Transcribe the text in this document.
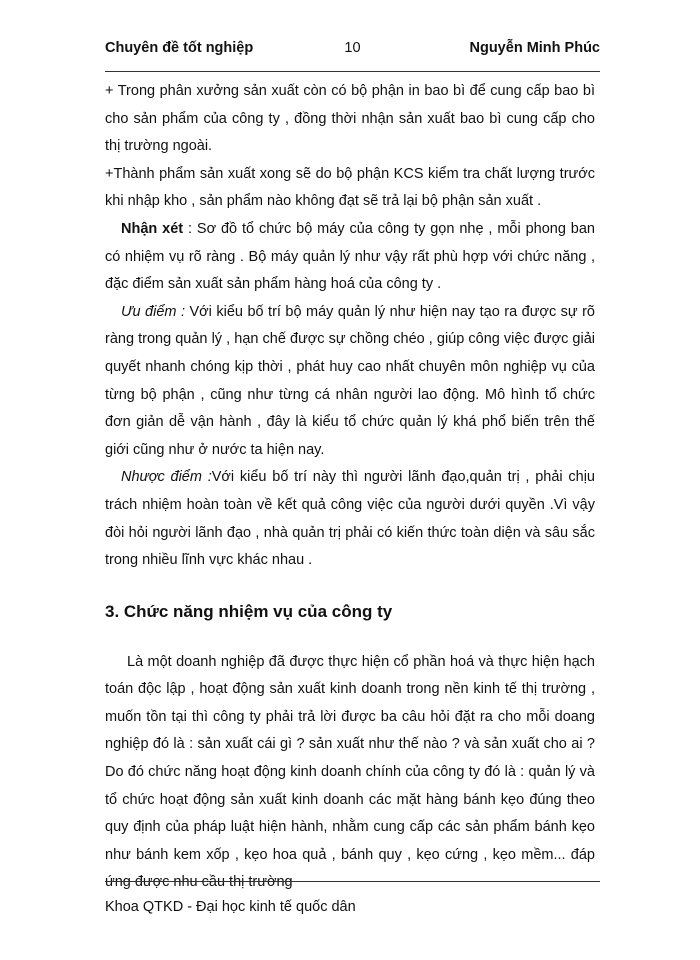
Chuyên đề tốt nghiệp	10	Nguyễn Minh Phúc

+ Trong phân xưởng sản xuất còn có bộ phận in bao bì để cung cấp bao bì cho sản phẩm của công ty , đồng thời nhận sản xuất bao bì cung cấp cho thị trường ngoài.

+Thành phẩm sản xuất xong sẽ do bộ phận KCS kiểm tra chất lượng trước khi nhập kho , sản phẩm nào không đạt sẽ trả lại bộ phận sản xuất .

Nhận xét : Sơ đồ tổ chức bộ máy của công ty gọn nhẹ , mỗi phong ban có nhiệm vụ rõ ràng . Bộ máy quản lý như vậy rất phù hợp với chức năng , đặc điểm sản xuất sản phẩm hàng hoá của công ty .

Ưu điểm : Với kiểu bố trí bộ máy quản lý như hiện nay tạo ra được sự rõ ràng trong quản lý , hạn chế được sự chồng chéo , giúp công việc được giải quyết nhanh chóng kịp thời , phát huy cao nhất chuyên môn nghiệp vụ của từng bộ phận , cũng như từng cá nhân người lao động. Mô hình tổ chức đơn giản dễ vận hành , đây là kiểu tổ chức quản lý khá phổ biến trên thế giới cũng như ở nước ta hiện nay.

Nhược điểm :Với kiểu bố trí này thì người lãnh đạo,quản trị , phải chịu trách nhiệm hoàn toàn về kết quả công việc của người dưới quyền .Vì vậy đòi hỏi người lãnh đạo , nhà quản trị phải có kiến thức toàn diện và sâu sắc trong nhiều lĩnh vực khác nhau .

3. Chức năng nhiệm vụ của công ty

Là một doanh nghiệp đã được thực hiện cổ phần hoá và thực hiện hạch toán độc lập , hoạt động sản xuất kinh doanh trong nền kinh tế thị trường , muốn tồn tại thì công ty phải trả lời được ba câu hỏi đặt ra cho mỗi doang nghiệp đó là : sản xuất cái gì ? sản xuất như thế nào ? và sản xuất cho ai ? Do đó chức năng hoạt động kinh doanh chính của công ty đó là : quản lý và tổ chức hoạt động sản xuất kinh doanh các mặt hàng bánh kẹo đúng theo quy định của pháp luật hiện hành, nhằm cung cấp các sản phẩm bánh kẹo như bánh kem xốp , kẹo hoa quả , bánh quy , kẹo cứng , kẹo mềm... đáp ứng được nhu cầu thị trường

Khoa QTKD - Đại học kinh tế quốc dân
